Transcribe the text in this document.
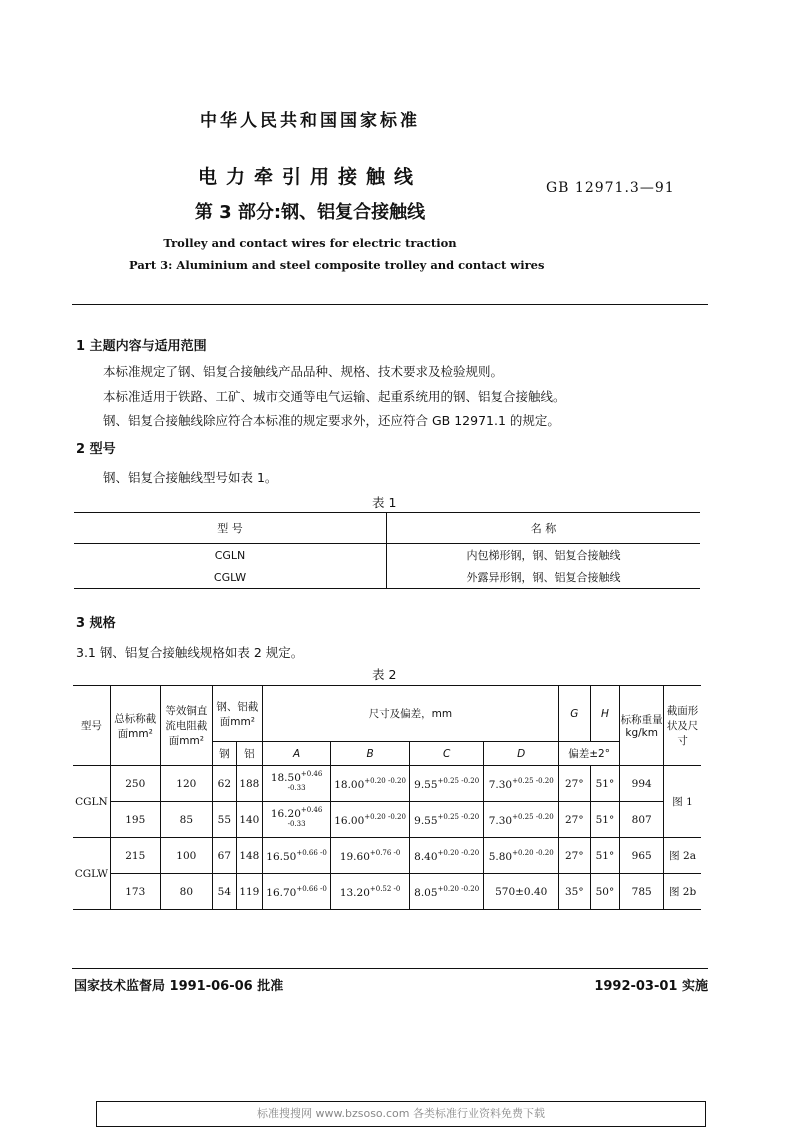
中华人民共和国国家标准
电力牵引用接触线
第 3 部分:钢、铝复合接触线
GB 12971.3—91
Trolley and contact wires for electric traction
Part 3: Aluminium and steel composite trolley and contact wires
1 主题内容与适用范围
本标准规定了钢、铝复合接触线产品品种、规格、技术要求及检验规则。
本标准适用于铁路、工矿、城市交通等电气运输、起重系统用的钢、铝复合接触线。
钢、铝复合接触线除应符合本标准的规定要求外，还应符合 GB 12971.1 的规定。
2 型号
钢、铝复合接触线型号如表 1。
表 1
型 号	名 称
CGLN	内包梯形钢，钢、铝复合接触线
CGLW	外露异形钢，钢、铝复合接触线
3 规格
3.1 钢、铝复合接触线规格如表 2 规定。
表 2
型号	总标称截面mm²	等效铜直流电阻截面mm²	钢、铝截面mm²		尺寸及偏差，mm				G	H	标称重量kg/km	截面形状及尺寸
			钢	铝	A	B	C	D	偏差±2°			
CGLN	250	120	62	188	$18.50^{+0.46 -0.33}$	$18.00^{+0.20 -0.20}$	$9.55^{+0.25 -0.20}$	$7.30^{+0.25 -0.20}$	27°	51°	994	图 1
	195	85	55	140	$16.20^{+0.46 -0.33}$	$16.00^{+0.20 -0.20}$	$9.55^{+0.25 -0.20}$	$7.30^{+0.25 -0.20}$	27°	51°	807	
CGLW	215	100	67	148	$16.50^{+0.66 -0}$	$19.60^{+0.76 -0}$	$8.40^{+0.20 -0.20}$	$5.80^{+0.20 -0.20}$	27°	51°	965	图 2a
	173	80	54	119	$16.70^{+0.66 -0}$	$13.20^{+0.52 -0}$	$8.05^{+0.20 -0.20}$	570±0.40	35°	50°	785	图 2b
国家技术监督局 1991-06-06 批准	1992-03-01 实施
标准搜搜网 www.bzsoso.com 各类标准行业资料免费下载
